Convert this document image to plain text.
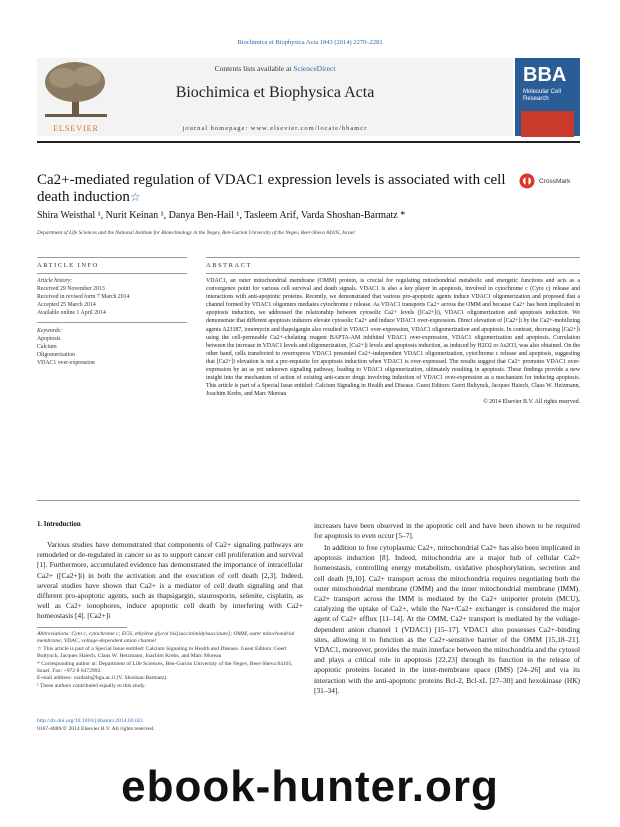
Biochimica et Biophysica Acta 1843 (2014) 2270–2281
Contents lists available at ScienceDirect
Biochimica et Biophysica Acta
journal homepage: www.elsevier.com/locate/bbamcr
ELSEVIER
BBA
Molecular Cell Research
Ca2+-mediated regulation of VDAC1 expression levels is associated with cell death induction☆
CrossMark
Shira Weisthal ¹, Nurit Keinan ¹, Danya Ben-Hail ¹, Tasleem Arif, Varda Shoshan-Barmatz *
Department of Life Sciences and the National Institute for Biotechnology in the Negev, Ben-Gurion University of the Negev, Beer-Sheva 84105, Israel
ARTICLE INFO	ABSTRACT
Article history:
Received 29 November 2013
Received in revised form 7 March 2014
Accepted 25 March 2014
Available online 1 April 2014
Keywords:
Apoptosis
Calcium
Oligomerization
VDAC1 over-expression
VDAC1, an outer mitochondrial membrane (OMM) protein, is crucial for regulating mitochondrial metabolic and energetic functions and acts as a convergence point for various cell survival and death signals. VDAC1 is also a key player in apoptosis, involved in cytochrome c (Cyto c) release and interactions with anti-apoptotic proteins. Recently, we demonstrated that various pro-apoptotic agents induce VDAC1 oligomerization and proposed that a channel formed by VDAC1 oligomers mediates cytochrome c release. As VDAC1 transports Ca2+ across the OMM and because Ca2+ has been implicated in apoptosis induction, we addressed the relationship between cytosolic Ca2+ levels ([Ca2+]i), VDAC1 oligomerization and apoptosis induction. We demonstrate that different apoptosis inducers elevate cytosolic Ca2+ and induce VDAC1 over-expression. Direct elevation of [Ca2+]i by the Ca2+-mobilizing agents A23187, ionomycin and thapsigargin also resulted in VDAC1 over-expression, VDAC1 oligomerization and apoptosis. In contrast, decreasing [Ca2+]i using the cell-permeable Ca2+-chelating reagent BAPTA-AM inhibited VDAC1 over-expression, VDAC1 oligomerization and apoptosis. Correlation between the increase in VDAC1 levels and oligomerization, [Ca2+]i levels and apoptosis induction, as induced by H2O2 or As2O3, was also obtained. On the other hand, cells transfected to overexpress VDAC1 presented Ca2+-independent VDAC1 oligomerization, cytochrome c release and apoptosis, suggesting that [Ca2+]i elevation is not a pre-requisite for apoptosis induction when VDAC1 is over-expressed. The results suggest that Ca2+ promotes VDAC1 over-expression by an as yet unknown signaling pathway, leading to VDAC1 oligomerization, ultimately resulting in apoptosis. These findings provide a new insight into the mechanism of action of existing anti-cancer drugs involving induction of VDAC1 over-expression as a mechanism for inducing apoptosis. This article is part of a Special Issue entitled: Calcium Signaling in Health and Disease. Guest Editors: Geert Bultynck, Jacques Haiech, Claus W. Heizmann, Joachim Krebs, and Marc Moreau
© 2014 Elsevier B.V. All rights reserved.
1. Introduction
Various studies have demonstrated that components of Ca2+ signaling pathways are remodeled or de-regulated in cancer so as to support cancer cell proliferation and survival [1]. Furthermore, accumulated evidence has demonstrated the importance of intracellular Ca2+ ([Ca2+]i) in both the activation and the execution of cell death [2,3]. Indeed, several studies have shown that Ca2+ is a mediator of cell death signaling and that different pro-apoptotic agents, such as thapsigargin, staurosporin, selenite, cisplatin, as well as Ca2+ ionophores, induce apoptotic cell death by interfering with Ca2+ homeostasis [4]. [Ca2+]i
increases have been observed in the apoptotic cell and have been shown to be required for apoptosis to even occur [5–7].
In addition to free cytoplasmic Ca2+, mitochondrial Ca2+ has also been implicated in apoptosis induction [8]. Indeed, mitochondria are a major hub of cellular Ca2+ homeostasis, controlling energy metabolism, oxidative phosphorylation, secretion and cell death [9,10]. Ca2+ transport across the mitochondria requires negotiating both the outer mitochondrial membrane (OMM) and the inner mitochondrial membrane (IMM). Ca2+ transport across the IMM is mediated by the Ca2+ uniporter protein (MCU), catalyzing the uptake of Ca2+, while the Na+/Ca2+ exchanger is considered the major agent of Ca2+ efflux [11–14]. At the OMM, Ca2+ transport is mediated by the voltage-dependent anion channel 1 (VDAC1) [15–17]. VDAC1 also possesses Ca2+-binding sites, allowing it to function as the Ca2+-sensitive barrier of the OMM [15,18–21]. VDAC1, moreover, provides the main interface between the mitochondria and the cytosol and plays a critical role in apoptosis [22,23] through its function in the release of apoptotic proteins located in the inter-membrane space (IMS) [24–26] and via its interaction with the anti-apoptotic proteins Bcl-2, Bcl-xL [27–30] and hexokinase (HK) [31–34].
Abbreviations: Cyto c, cytochrome c; EGS, ethylene glycol bis[succinimidylsuccinate]; OMM, outer mitochondrial membrane; VDAC, voltage-dependent anion channel
☆ This article is part of a Special Issue entitled: Calcium Signaling in Health and Disease. Guest Editors: Geert Bultynck, Jacques Haiech, Claus W. Heizmann, Joachim Krebs, and Marc Moreau
* Corresponding author at: Department of Life Sciences, Ben-Gurion University of the Negev, Beer-Sheva 84105, Israel. Fax: +972 8 6472992.
E-mail address: vardasb@bgu.ac.il (V. Shoshan-Barmatz).
¹ These authors contributed equally to this study.
http://dx.doi.org/10.1016/j.bbamcr.2014.03.021
0167-4889/© 2014 Elsevier B.V. All rights reserved.
ebook-hunter.org
